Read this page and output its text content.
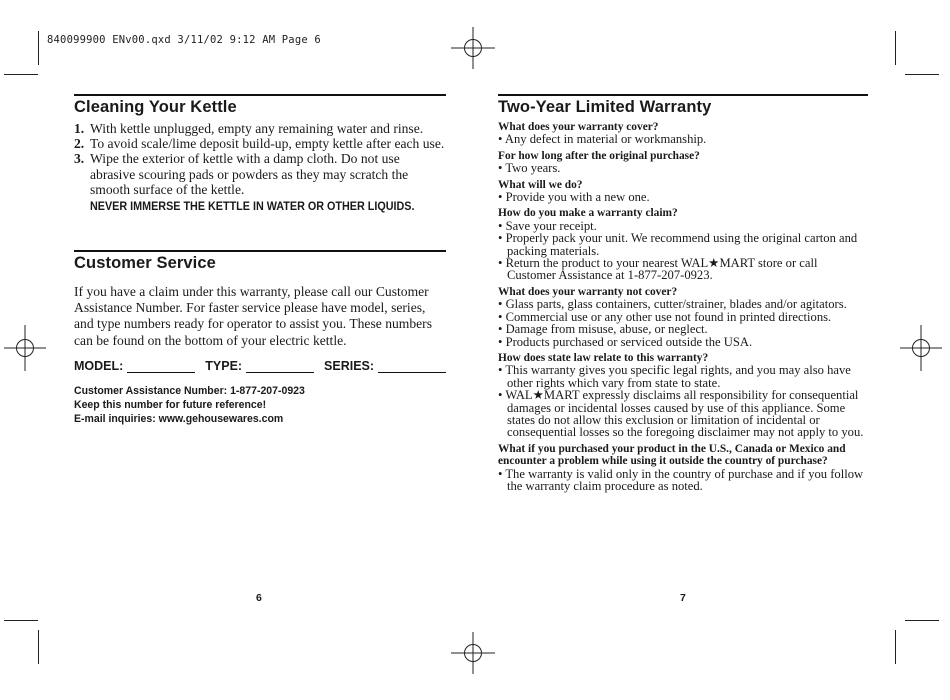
840099900 ENv00.qxd 3/11/02 9:12 AM Page 6
Cleaning Your Kettle
1. With kettle unplugged, empty any remaining water and rinse.
2. To avoid scale/lime deposit build-up, empty kettle after each use.
3. Wipe the exterior of kettle with a damp cloth. Do not use abrasive scouring pads or powders as they may scratch the smooth surface of the kettle.
NEVER IMMERSE THE KETTLE IN WATER OR OTHER LIQUIDS.
Customer Service
If you have a claim under this warranty, please call our Customer Assistance Number. For faster service please have model, series, and type numbers ready for operator to assist you. These numbers can be found on the bottom of your electric kettle.
MODEL:	TYPE:	SERIES:
Customer Assistance Number: 1-877-207-0923
Keep this number for future reference!
E-mail inquiries: www.gehousewares.com
Two-Year Limited Warranty
What does your warranty cover?
• Any defect in material or workmanship.
For how long after the original purchase?
• Two years.
What will we do?
• Provide you with a new one.
How do you make a warranty claim?
• Save your receipt.
• Properly pack your unit. We recommend using the original carton and packing materials.
• Return the product to your nearest WAL★MART store or call Customer Assistance at 1-877-207-0923.
What does your warranty not cover?
• Glass parts, glass containers, cutter/strainer, blades and/or agitators.
• Commercial use or any other use not found in printed directions.
• Damage from misuse, abuse, or neglect.
• Products purchased or serviced outside the USA.
How does state law relate to this warranty?
• This warranty gives you specific legal rights, and you may also have other rights which vary from state to state.
• WAL★MART expressly disclaims all responsibility for consequential damages or incidental losses caused by use of this appliance. Some states do not allow this exclusion or limitation of incidental or consequential losses so the foregoing disclaimer may not apply to you.
What if you purchased your product in the U.S., Canada or Mexico and encounter a problem while using it outside the country of purchase?
• The warranty is valid only in the country of purchase and if you follow the warranty claim procedure as noted.
6	7
